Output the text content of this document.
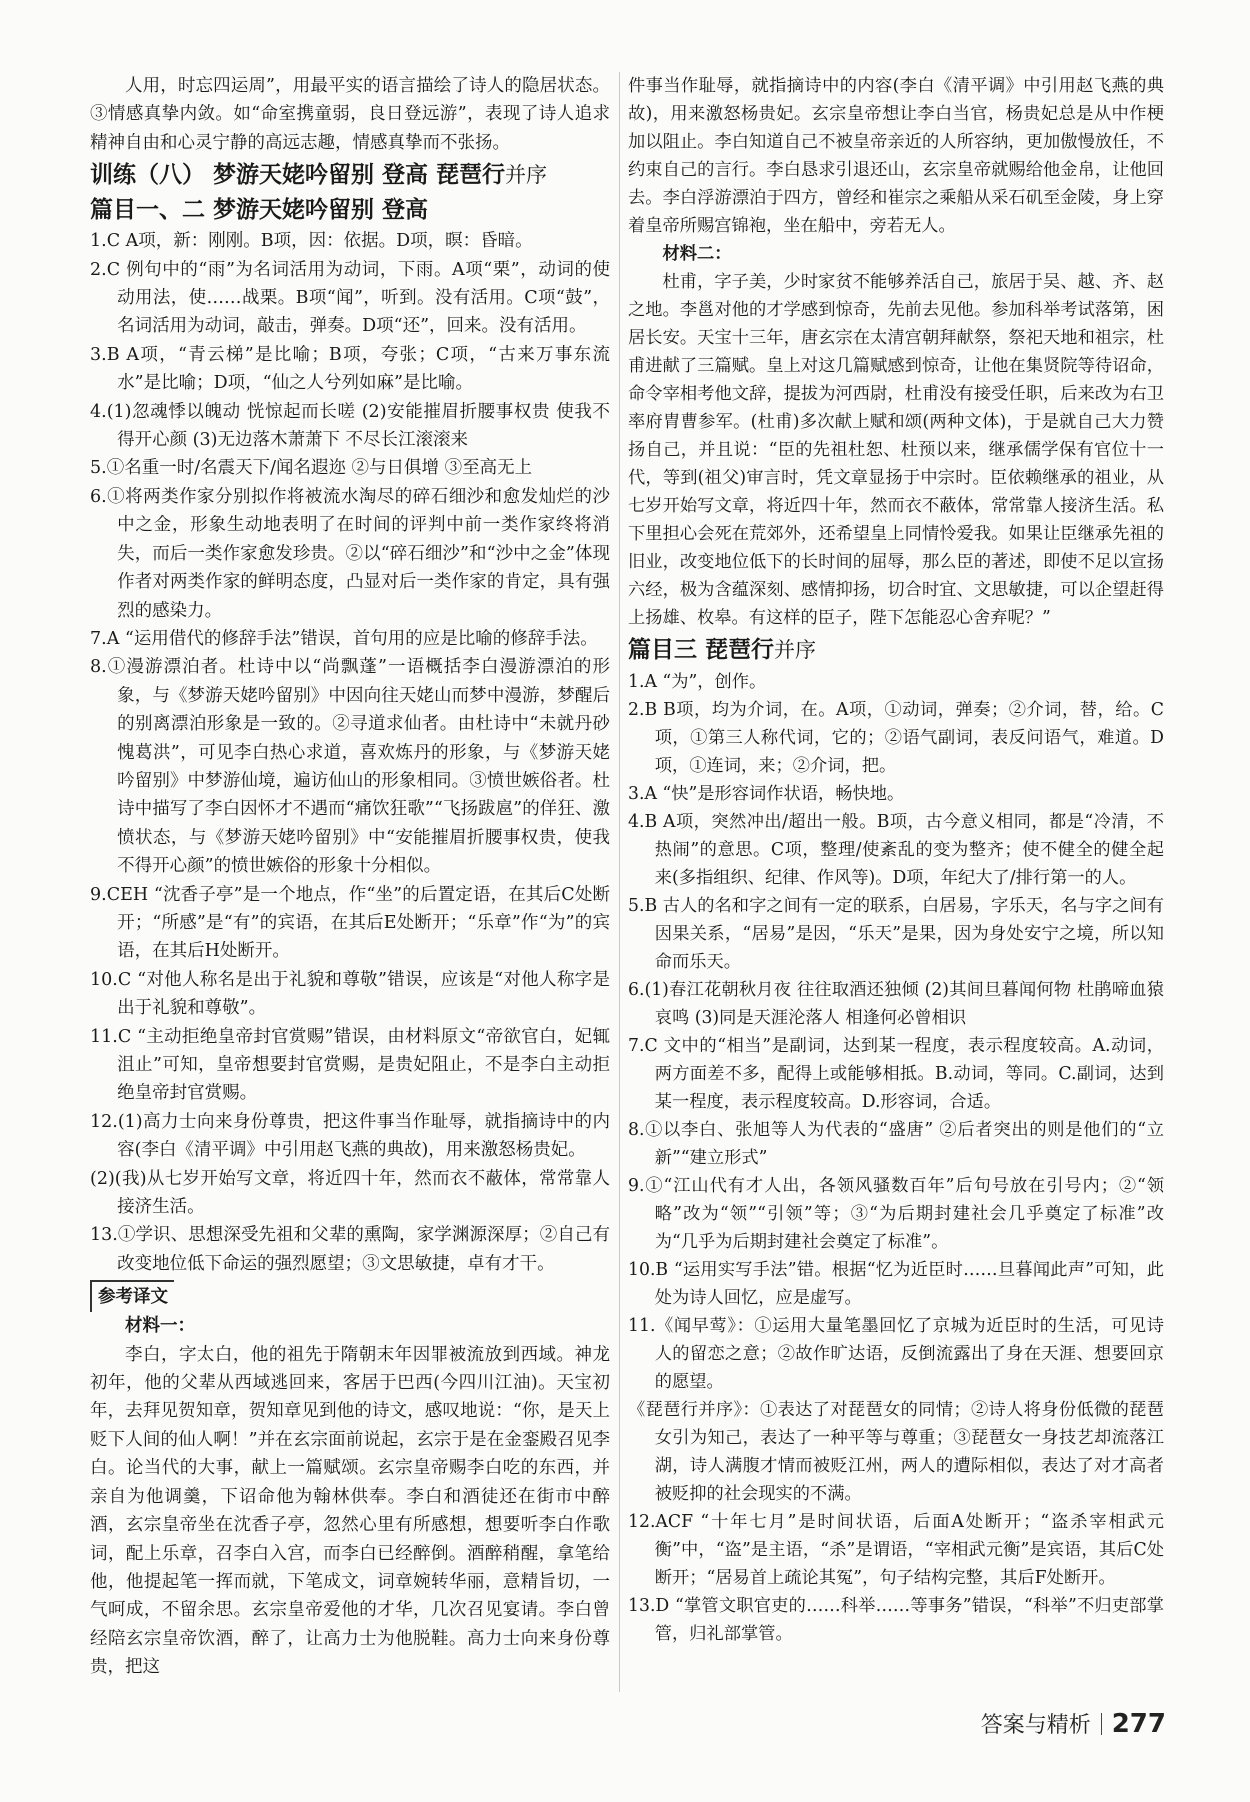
人用，时忘四运周”，用最平实的语言描绘了诗人的隐居状态。③情感真挚内敛。如“命室携童弱，良日登远游”，表现了诗人追求精神自由和心灵宁静的高远志趣，情感真挚而不张扬。

训练（八） 梦游天姥吟留别 登高 琵琶行并序

篇目一、二 梦游天姥吟留别 登高

1.C A项，新：刚刚。B项，因：依据。D项，暝：昏暗。

2.C 例句中的“雨”为名词活用为动词，下雨。A项“栗”，动词的使动用法，使……战栗。B项“闻”，听到。没有活用。C项“鼓”，名词活用为动词，敲击，弹奏。D项“还”，回来。没有活用。

3.B A项，“青云梯”是比喻；B项，夸张；C项，“古来万事东流水”是比喻；D项，“仙之人兮列如麻”是比喻。

4.(1)忽魂悸以魄动 恍惊起而长嗟 (2)安能摧眉折腰事权贵 使我不得开心颜 (3)无边落木萧萧下 不尽长江滚滚来

5.①名重一时/名震天下/闻名遐迩 ②与日俱增 ③至高无上

6.①将两类作家分别拟作将被流水淘尽的碎石细沙和愈发灿烂的沙中之金，形象生动地表明了在时间的评判中前一类作家终将消失，而后一类作家愈发珍贵。②以“碎石细沙”和“沙中之金”体现作者对两类作家的鲜明态度，凸显对后一类作家的肯定，具有强烈的感染力。

7.A “运用借代的修辞手法”错误，首句用的应是比喻的修辞手法。

8.①漫游漂泊者。杜诗中以“尚飘蓬”一语概括李白漫游漂泊的形象，与《梦游天姥吟留别》中因向往天姥山而梦中漫游，梦醒后的别离漂泊形象是一致的。②寻道求仙者。由杜诗中“未就丹砂愧葛洪”，可见李白热心求道，喜欢炼丹的形象，与《梦游天姥吟留别》中梦游仙境，遍访仙山的形象相同。③愤世嫉俗者。杜诗中描写了李白因怀才不遇而“痛饮狂歌”“飞扬跋扈”的佯狂、激愤状态，与《梦游天姥吟留别》中“安能摧眉折腰事权贵，使我不得开心颜”的愤世嫉俗的形象十分相似。

9.CEH “沈香子亭”是一个地点，作“坐”的后置定语，在其后C处断开；“所感”是“有”的宾语，在其后E处断开；“乐章”作“为”的宾语，在其后H处断开。

10.C “对他人称名是出于礼貌和尊敬”错误，应该是“对他人称字是出于礼貌和尊敬”。

11.C “主动拒绝皇帝封官赏赐”错误，由材料原文“帝欲官白，妃辄沮止”可知，皇帝想要封官赏赐，是贵妃阻止，不是李白主动拒绝皇帝封官赏赐。

12.(1)高力士向来身份尊贵，把这件事当作耻辱，就指摘诗中的内容(李白《清平调》中引用赵飞燕的典故)，用来激怒杨贵妃。

(2)(我)从七岁开始写文章，将近四十年，然而衣不蔽体，常常靠人接济生活。

13.①学识、思想深受先祖和父辈的熏陶，家学渊源深厚；②自己有改变地位低下命运的强烈愿望；③文思敏捷，卓有才干。

参考译文

材料一：

李白，字太白，他的祖先于隋朝末年因罪被流放到西域。神龙初年，他的父辈从西域逃回来，客居于巴西(今四川江油)。天宝初年，去拜见贺知章，贺知章见到他的诗文，感叹地说：“你，是天上贬下人间的仙人啊！”并在玄宗面前说起，玄宗于是在金銮殿召见李白。论当代的大事，献上一篇赋颂。玄宗皇帝赐李白吃的东西，并亲自为他调羹，下诏命他为翰林供奉。李白和酒徒还在街市中醉酒，玄宗皇帝坐在沈香子亭，忽然心里有所感想，想要听李白作歌词，配上乐章，召李白入宫，而李白已经醉倒。酒醉稍醒，拿笔给他，他提起笔一挥而就，下笔成文，词章婉转华丽，意精旨切，一气呵成，不留余思。玄宗皇帝爱他的才华，几次召见宴请。李白曾经陪玄宗皇帝饮酒，醉了，让高力士为他脱鞋。高力士向来身份尊贵，把这

件事当作耻辱，就指摘诗中的内容(李白《清平调》中引用赵飞燕的典故)，用来激怒杨贵妃。玄宗皇帝想让李白当官，杨贵妃总是从中作梗加以阻止。李白知道自己不被皇帝亲近的人所容纳，更加傲慢放任，不约束自己的言行。李白恳求引退还山，玄宗皇帝就赐给他金帛，让他回去。李白浮游漂泊于四方，曾经和崔宗之乘船从采石矶至金陵，身上穿着皇帝所赐宫锦袍，坐在船中，旁若无人。

材料二：

杜甫，字子美，少时家贫不能够养活自己，旅居于吴、越、齐、赵之地。李邕对他的才学感到惊奇，先前去见他。参加科举考试落第，困居长安。天宝十三年，唐玄宗在太清宫朝拜献祭，祭祀天地和祖宗，杜甫进献了三篇赋。皇上对这几篇赋感到惊奇，让他在集贤院等待诏命，命令宰相考他文辞，提拔为河西尉，杜甫没有接受任职，后来改为右卫率府胄曹参军。(杜甫)多次献上赋和颂(两种文体)，于是就自己大力赞扬自己，并且说：“臣的先祖杜恕、杜预以来，继承儒学保有官位十一代，等到(祖父)审言时，凭文章显扬于中宗时。臣依赖继承的祖业，从七岁开始写文章，将近四十年，然而衣不蔽体，常常靠人接济生活。私下里担心会死在荒郊外，还希望皇上同情怜爱我。如果让臣继承先祖的旧业，改变地位低下的长时间的屈辱，那么臣的著述，即使不足以宣扬六经，极为含蕴深刻、感情抑扬，切合时宜、文思敏捷，可以企望赶得上扬雄、枚皋。有这样的臣子，陛下怎能忍心舍弃呢？”

篇目三 琵琶行并序

1.A “为”，创作。

2.B B项，均为介词，在。A项，①动词，弹奏；②介词，替，给。C项，①第三人称代词，它的；②语气副词，表反问语气，难道。D项，①连词，来；②介词，把。

3.A “快”是形容词作状语，畅快地。

4.B A项，突然冲出/超出一般。B项，古今意义相同，都是“冷清，不热闹”的意思。C项，整理/使紊乱的变为整齐；使不健全的健全起来(多指组织、纪律、作风等)。D项，年纪大了/排行第一的人。

5.B 古人的名和字之间有一定的联系，白居易，字乐天，名与字之间有因果关系，“居易”是因，“乐天”是果，因为身处安宁之境，所以知命而乐天。

6.(1)春江花朝秋月夜 往往取酒还独倾 (2)其间旦暮闻何物 杜鹃啼血猿哀鸣 (3)同是天涯沦落人 相逢何必曾相识

7.C 文中的“相当”是副词，达到某一程度，表示程度较高。A.动词，两方面差不多，配得上或能够相抵。B.动词，等同。C.副词，达到某一程度，表示程度较高。D.形容词，合适。

8.①以李白、张旭等人为代表的“盛唐” ②后者突出的则是他们的“立新”“建立形式”

9.①“江山代有才人出，各领风骚数百年”后句号放在引号内；②“领略”改为“领”“引领”等；③“为后期封建社会几乎奠定了标准”改为“几乎为后期封建社会奠定了标准”。

10.B “运用实写手法”错。根据“忆为近臣时……旦暮闻此声”可知，此处为诗人回忆，应是虚写。

11.《闻早莺》：①运用大量笔墨回忆了京城为近臣时的生活，可见诗人的留恋之意；②故作旷达语，反倒流露出了身在天涯、想要回京的愿望。

《琵琶行并序》：①表达了对琵琶女的同情；②诗人将身份低微的琵琶女引为知己，表达了一种平等与尊重；③琵琶女一身技艺却流落江湖，诗人满腹才情而被贬江州，两人的遭际相似，表达了对才高者被贬抑的社会现实的不满。

12.ACF “十年七月”是时间状语，后面A处断开；“盗杀宰相武元衡”中，“盗”是主语，“杀”是谓语，“宰相武元衡”是宾语，其后C处断开；“居易首上疏论其冤”，句子结构完整，其后F处断开。

13.D “掌管文职官吏的……科举……等事务”错误，“科举”不归吏部掌管，归礼部掌管。

答案与精析 277
